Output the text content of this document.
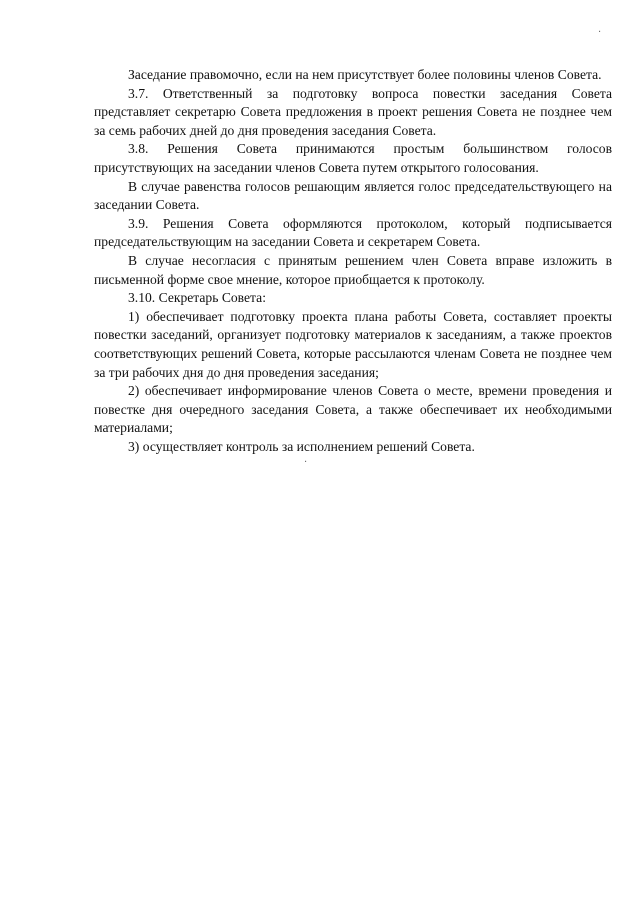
·

Заседание правомочно, если на нем присутствует более половины членов Совета.

3.7. Ответственный за подготовку вопроса повестки заседания Совета представляет секретарю Совета предложения в проект решения Совета не позднее чем за семь рабочих дней до дня проведения заседания Совета.

3.8. Решения Совета принимаются простым большинством голосов присутствующих на заседании членов Совета путем открытого голосования.

В случае равенства голосов решающим является голос председательствующего на заседании Совета.

3.9. Решения Совета оформляются протоколом, который подписывается председательствующим на заседании Совета и секретарем Совета.

В случае несогласия с принятым решением член Совета вправе изложить в письменной форме свое мнение, которое приобщается к протоколу.

3.10. Секретарь Совета:

1) обеспечивает подготовку проекта плана работы Совета, составляет проекты повестки заседаний, организует подготовку материалов к заседаниям, а также проектов соответствующих решений Совета, которые рассылаются членам Совета не позднее чем за три рабочих дня до дня проведения заседания;

2) обеспечивает информирование членов Совета о месте, времени проведения и повестке дня очередного заседания Совета, а также обеспечивает их необходимыми материалами;

3) осуществляет контроль за исполнением решений Совета.

·
